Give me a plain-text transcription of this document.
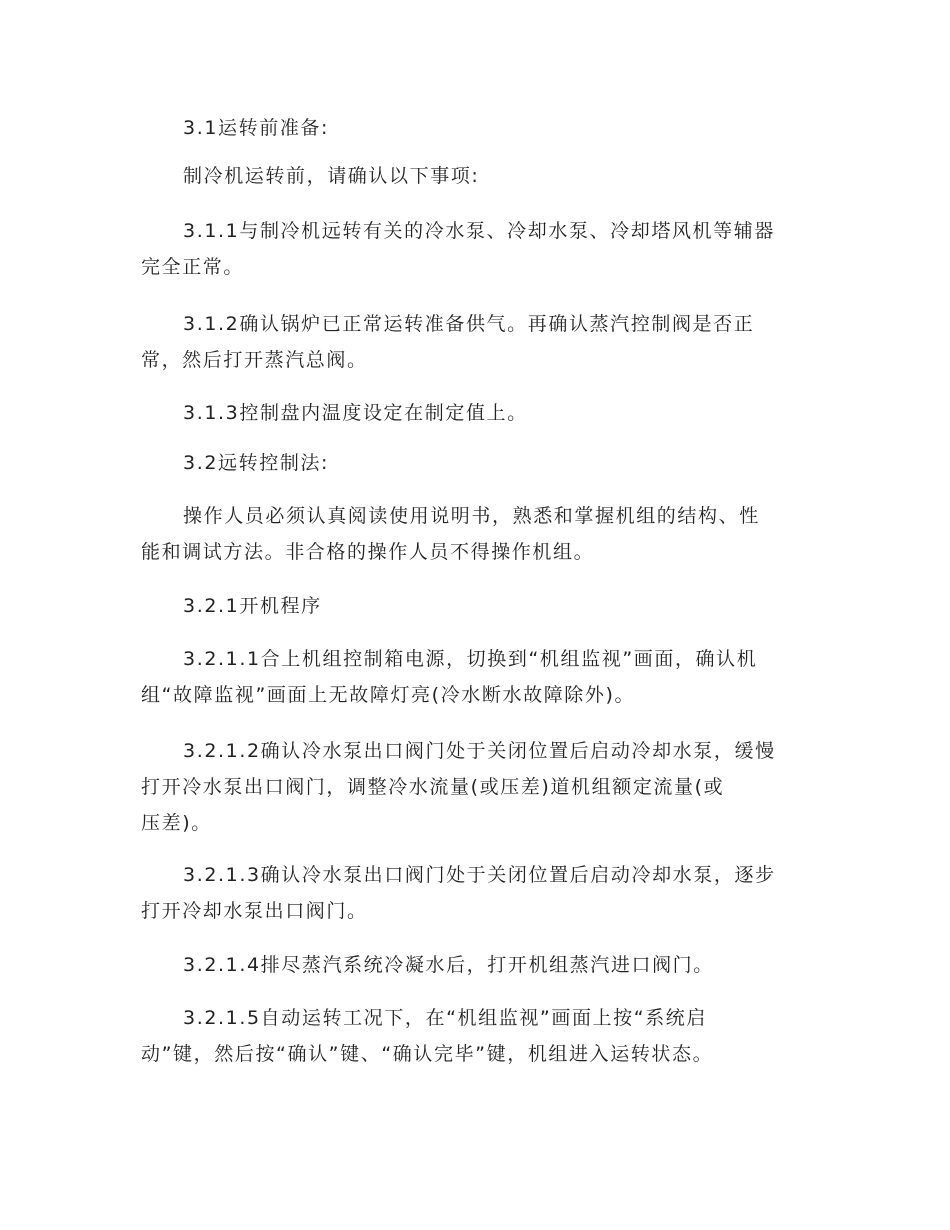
3.1运转前准备:

制冷机运转前，请确认以下事项:

3.1.1与制冷机远转有关的冷水泵、冷却水泵、冷却塔风机等辅器
完全正常。

3.1.2确认锅炉已正常运转准备供气。再确认蒸汽控制阀是否正
常，然后打开蒸汽总阀。

3.1.3控制盘内温度设定在制定值上。

3.2远转控制法:

操作人员必须认真阅读使用说明书，熟悉和掌握机组的结构、性
能和调试方法。非合格的操作人员不得操作机组。

3.2.1开机程序

3.2.1.1合上机组控制箱电源，切换到“机组监视”画面，确认机
组“故障监视”画面上无故障灯亮(冷水断水故障除外)。

3.2.1.2确认冷水泵出口阀门处于关闭位置后启动冷却水泵，缓慢
打开冷水泵出口阀门，调整冷水流量(或压差)道机组额定流量(或
压差)。

3.2.1.3确认冷水泵出口阀门处于关闭位置后启动冷却水泵，逐步
打开冷却水泵出口阀门。

3.2.1.4排尽蒸汽系统冷凝水后，打开机组蒸汽进口阀门。

3.2.1.5自动运转工况下，在“机组监视”画面上按“系统启
动”键，然后按“确认”键、“确认完毕”键，机组进入运转状态。
